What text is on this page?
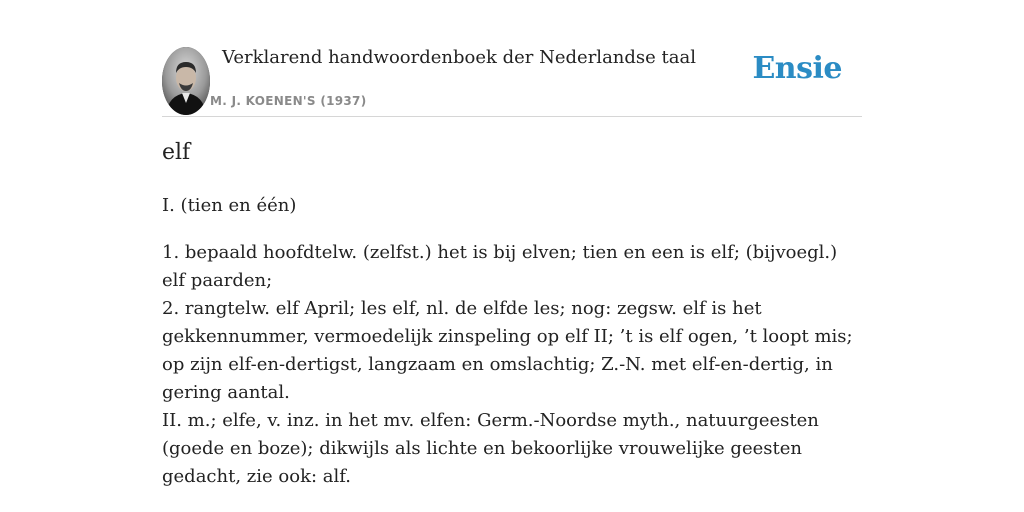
Verklarend handwoordenboek der Nederlandse taal
M. J. KOENEN'S (1937)
Ensie
elf

I. (tien en één)

1. bepaald hoofdtelw. (zelfst.) het is bij elven; tien en een is elf; (bijvoegl.) elf paarden;
2. rangtelw. elf April; les elf, nl. de elfde les; nog: zegsw. elf is het gekkennummer, vermoedelijk zinspeling op elf II; ’t is elf ogen, ’t loopt mis; op zijn elf-en-dertigst, langzaam en omslachtig; Z.-N. met elf-en-dertig, in gering aantal.

II. m.; elfe, v. inz. in het mv. elfen: Germ.-Noordse myth., natuurgeesten (goede en boze); dikwijls als lichte en bekoorlijke vrouwelijke geesten gedacht, zie ook: alf.
